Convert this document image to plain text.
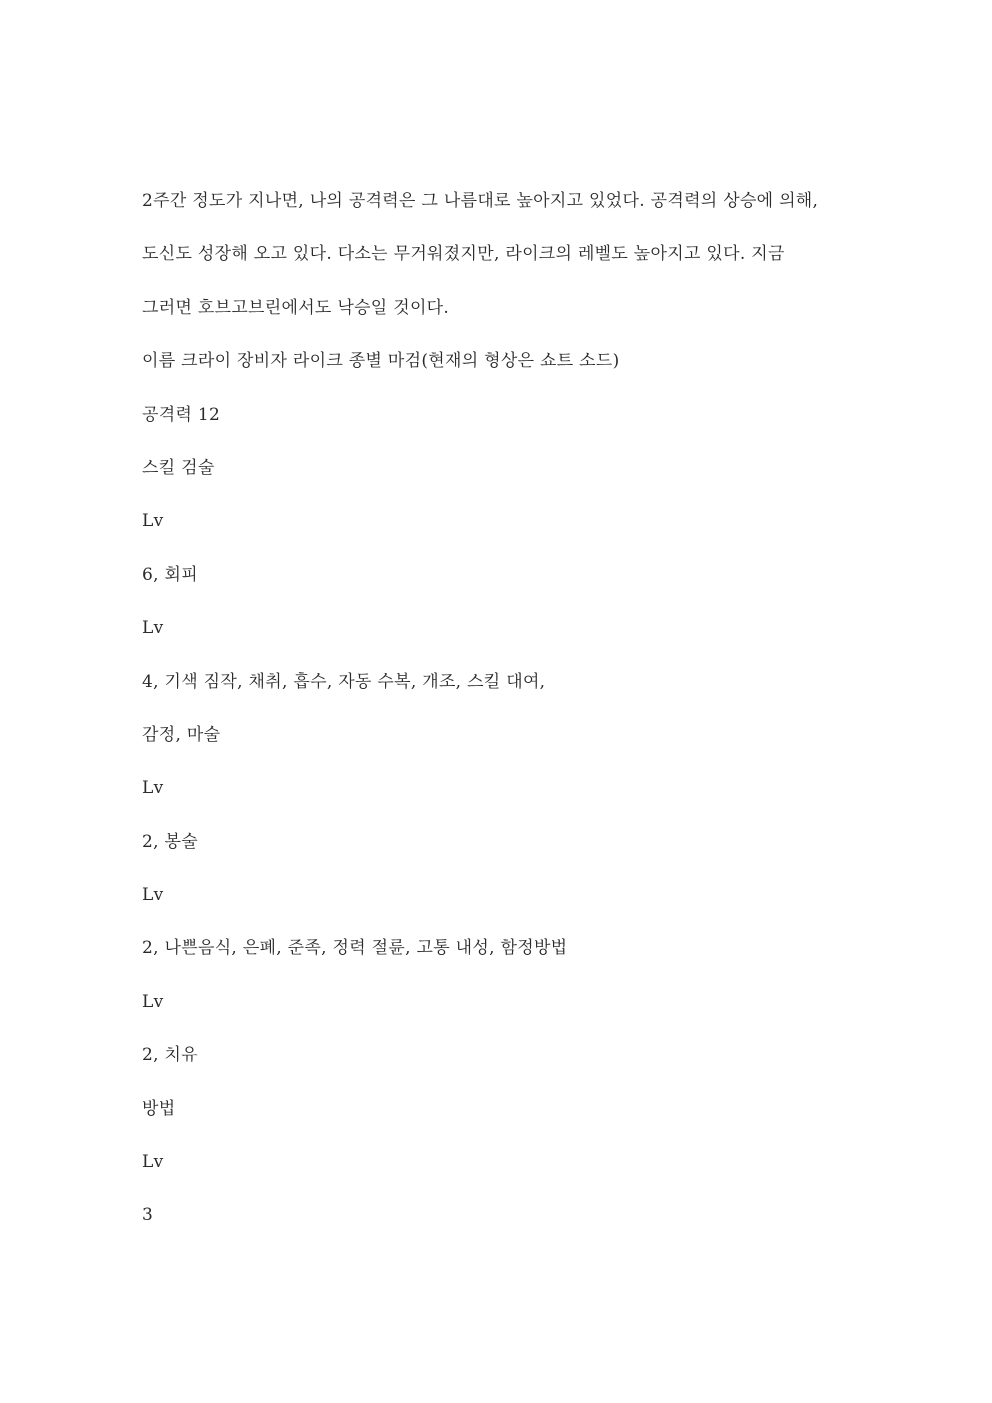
2주간 정도가 지나면, 나의 공격력은 그 나름대로 높아지고 있었다. 공격력의 상승에 의해,
도신도 성장해 오고 있다. 다소는 무거워졌지만, 라이크의 레벨도 높아지고 있다. 지금
그러면 호브고브린에서도 낙승일 것이다.
이름 크라이 장비자 라이크 종별 마검(현재의 형상은 쇼트 소드)
공격력 12
스킬 검술
Lv
6, 회피
Lv
4, 기색 짐작, 채취, 흡수, 자동 수복, 개조, 스킬 대여,
감정, 마술
Lv
2, 봉술
Lv
2, 나쁜음식, 은폐, 준족, 정력 절륜, 고통 내성, 함정방법
Lv
2, 치유
방법
Lv
3
